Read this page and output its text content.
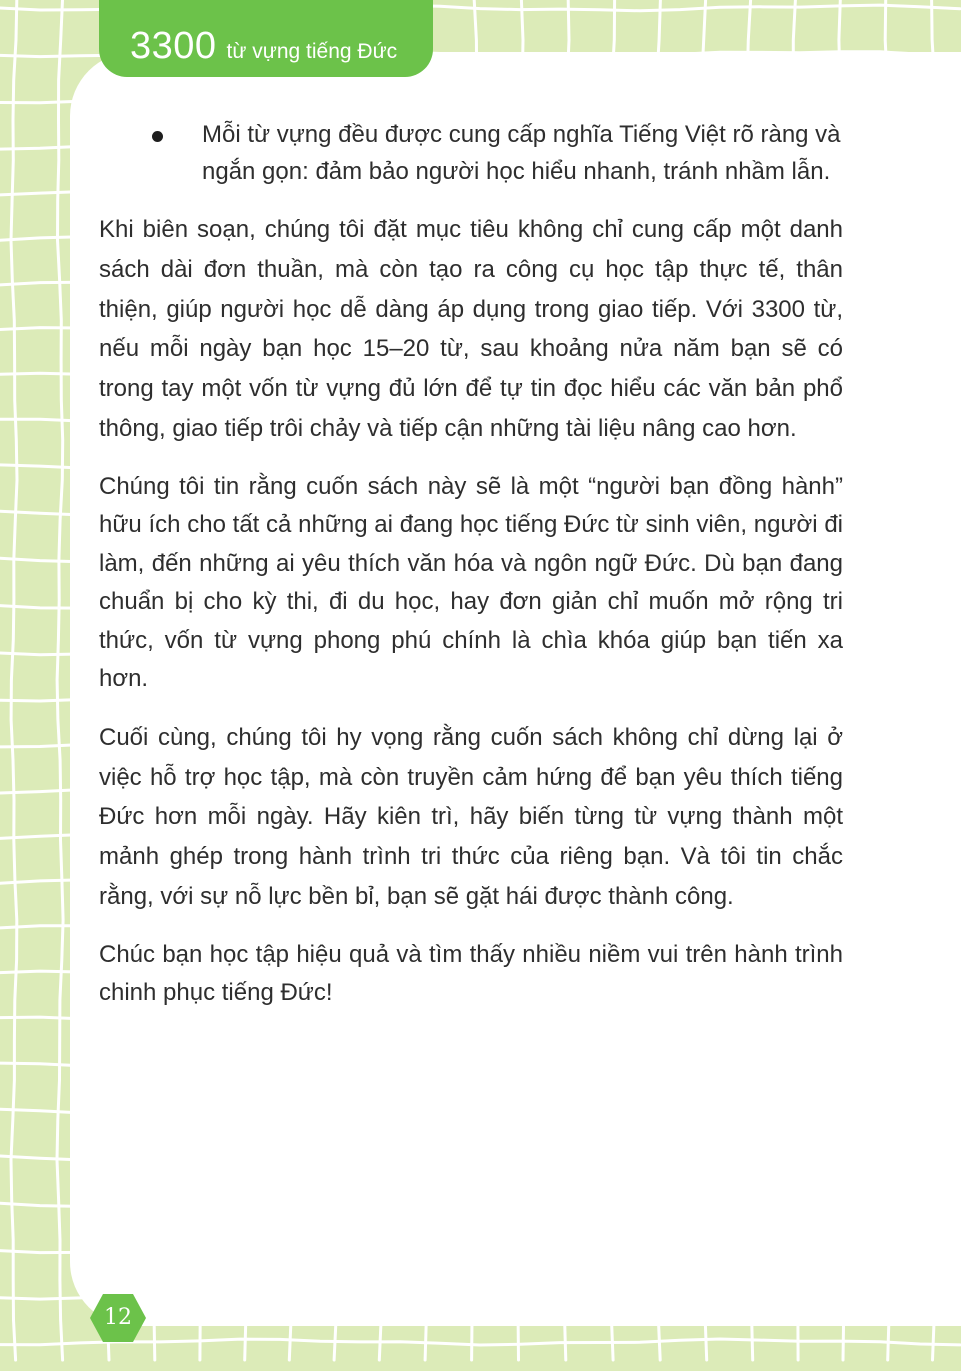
3300 từ vựng tiếng Đức
Mỗi từ vựng đều được cung cấp nghĩa Tiếng Việt rõ ràng và ngắn gọn: đảm bảo người học hiểu nhanh, tránh nhầm lẫn.

Khi biên soạn, chúng tôi đặt mục tiêu không chỉ cung cấp một danh sách dài đơn thuần, mà còn tạo ra công cụ học tập thực tế, thân thiện, giúp người học dễ dàng áp dụng trong giao tiếp. Với 3300 từ, nếu mỗi ngày bạn học 15–20 từ, sau khoảng nửa năm bạn sẽ có trong tay một vốn từ vựng đủ lớn để tự tin đọc hiểu các văn bản phổ thông, giao tiếp trôi chảy và tiếp cận những tài liệu nâng cao hơn.

Chúng tôi tin rằng cuốn sách này sẽ là một “người bạn đồng hành” hữu ích cho tất cả những ai đang học tiếng Đức từ sinh viên, người đi làm, đến những ai yêu thích văn hóa và ngôn ngữ Đức. Dù bạn đang chuẩn bị cho kỳ thi, đi du học, hay đơn giản chỉ muốn mở rộng tri thức, vốn từ vựng phong phú chính là chìa khóa giúp bạn tiến xa hơn.

Cuối cùng, chúng tôi hy vọng rằng cuốn sách không chỉ dừng lại ở việc hỗ trợ học tập, mà còn truyền cảm hứng để bạn yêu thích tiếng Đức hơn mỗi ngày. Hãy kiên trì, hãy biến từng từ vựng thành một mảnh ghép trong hành trình tri thức của riêng bạn. Và tôi tin chắc rằng, với sự nỗ lực bền bỉ, bạn sẽ gặt hái được thành công.

Chúc bạn học tập hiệu quả và tìm thấy nhiều niềm vui trên hành trình chinh phục tiếng Đức!

12
